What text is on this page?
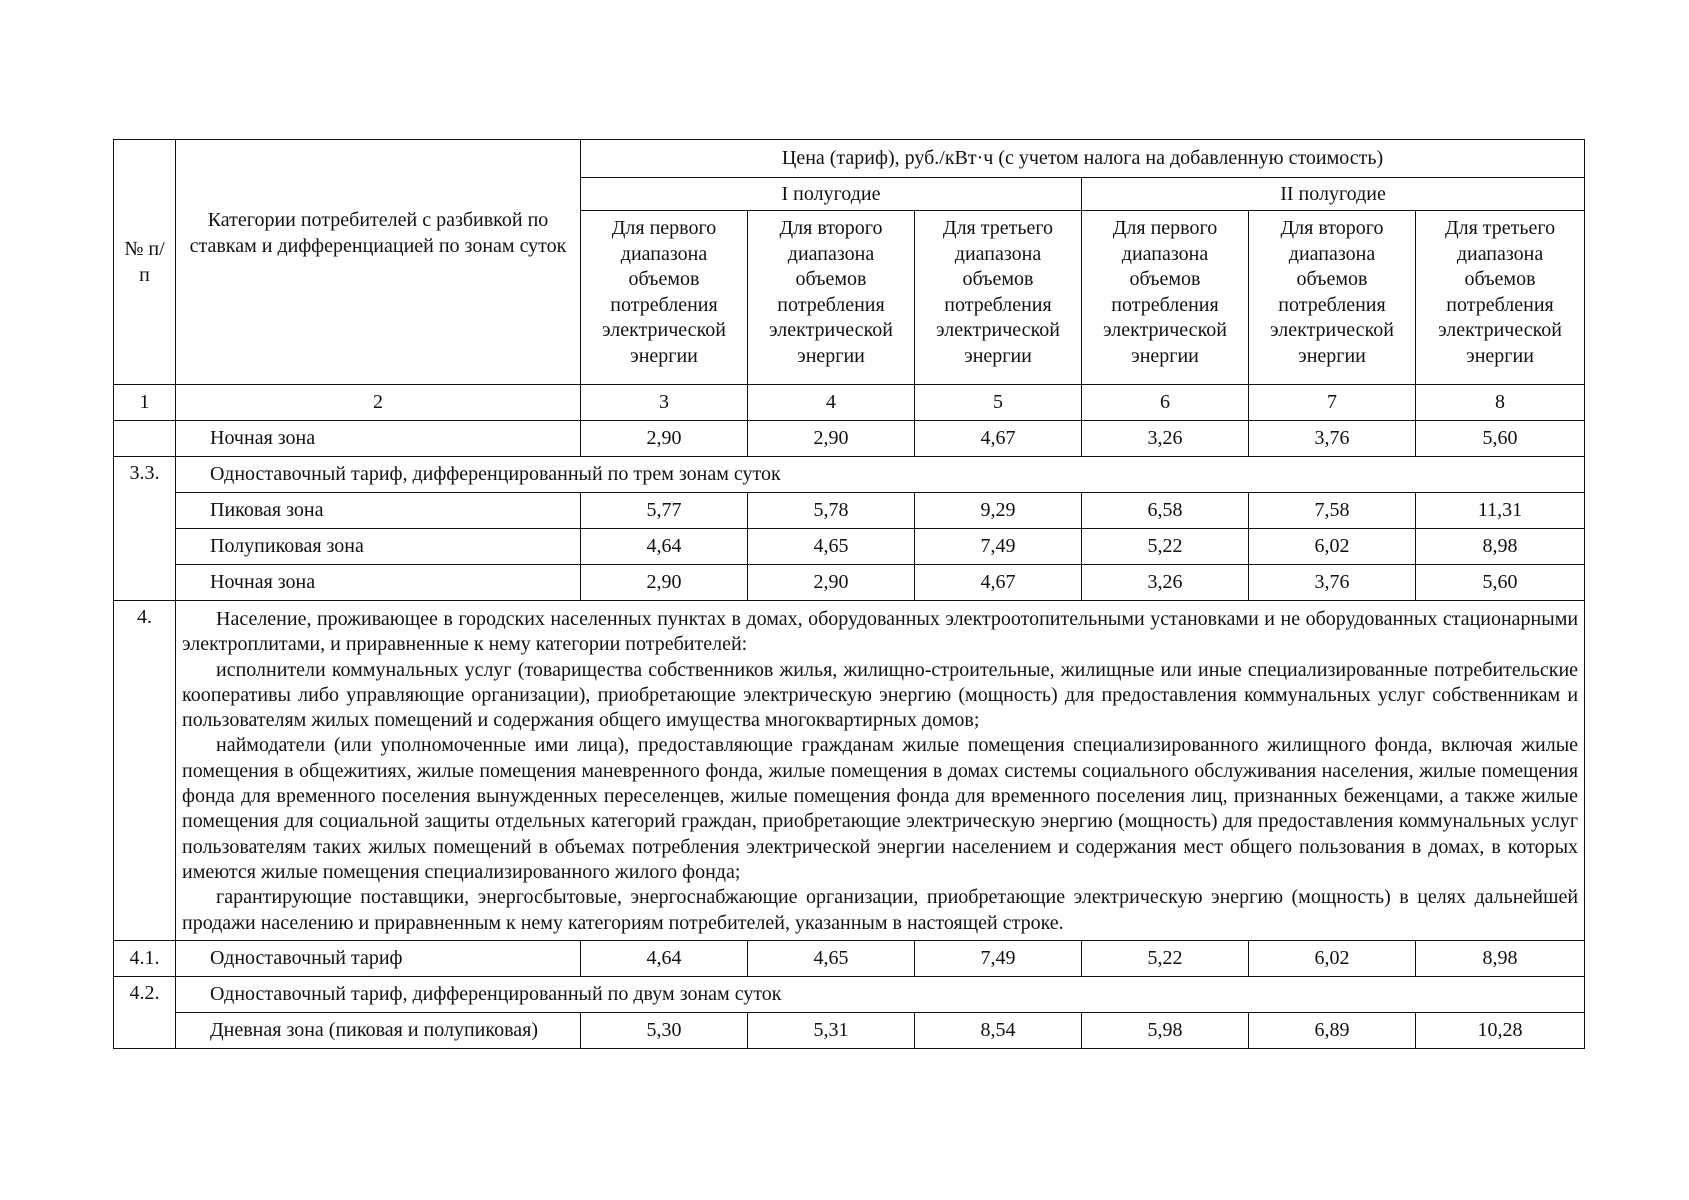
№ п/п	Категории потребителей с разбивкой по ставкам и дифференциацией по зонам суток	Цена (тариф), руб./кВт·ч (с учетом налога на добавленную стоимость)					
		I полугодие			II полугодие		
		Для первого диапазона объемов потребления электрической энергии	Для второго диапазона объемов потребления электрической энергии	Для третьего диапазона объемов потребления электрической энергии	Для первого диапазона объемов потребления электрической энергии	Для второго диапазона объемов потребления электрической энергии	Для третьего диапазона объемов потребления электрической энергии
1	2	3	4	5	6	7	8
	Ночная зона	2,90	2,90	4,67	3,26	3,76	5,60
3.3.	Одноставочный тариф, дифференцированный по трем зонам суток						
	Пиковая зона	5,77	5,78	9,29	6,58	7,58	11,31
	Полупиковая зона	4,64	4,65	7,49	5,22	6,02	8,98
	Ночная зона	2,90	2,90	4,67	3,26	3,76	5,60
4.	Население, проживающее в городских населенных пунктах в домах, оборудованных электроотопительными установками и не оборудованных стационарными электроплитами, и приравненные к нему категории потребителей:

исполнители коммунальных услуг (товарищества собственников жилья, жилищно-строительные, жилищные или иные специализированные потребительские кооперативы либо управляющие организации), приобретающие электрическую энергию (мощность) для предоставления коммунальных услуг собственникам и пользователям жилых помещений и содержания общего имущества многоквартирных домов;

наймодатели (или уполномоченные ими лица), предоставляющие гражданам жилые помещения специализированного жилищного фонда, включая жилые помещения в общежитиях, жилые помещения маневренного фонда, жилые помещения в домах системы социального обслуживания населения, жилые помещения фонда для временного поселения вынужденных переселенцев, жилые помещения фонда для временного поселения лиц, признанных беженцами, а также жилые помещения для социальной защиты отдельных категорий граждан, приобретающие электрическую энергию (мощность) для предоставления коммунальных услуг пользователям таких жилых помещений в объемах потребления электрической энергии населением и содержания мест общего пользования в домах, в которых имеются жилые помещения специализированного жилого фонда;

гарантирующие поставщики, энергосбытовые, энергоснабжающие организации, приобретающие электрическую энергию (мощность) в целях дальнейшей продажи населению и приравненным к нему категориям потребителей, указанным в настоящей строке.						

4.1.	Одноставочный тариф	4,64	4,65	7,49	5,22	6,02	8,98
4.2.	Одноставочный тариф, дифференцированный по двум зонам суток						
	Дневная зона (пиковая и полупиковая)	5,30	5,31	8,54	5,98	6,89	10,28
